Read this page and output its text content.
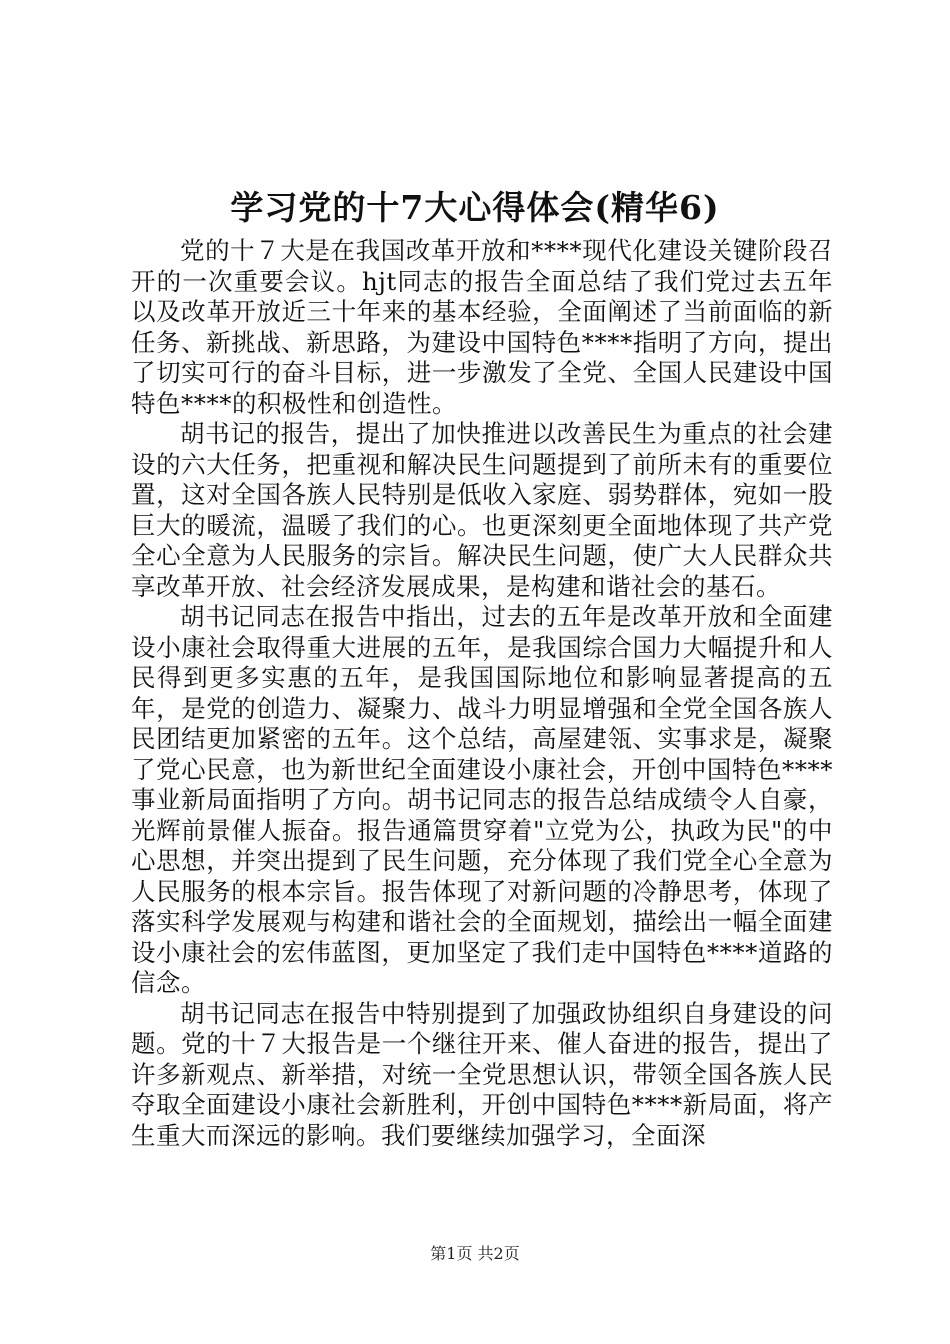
学习党的十7大心得体会(精华6)

党的十７大是在我国改革开放和****现代化建设关键阶段召开的一次重要会议。hjt同志的报告全面总结了我们党过去五年以及改革开放近三十年来的基本经验，全面阐述了当前面临的新任务、新挑战、新思路，为建设中国特色****指明了方向，提出了切实可行的奋斗目标，进一步激发了全党、全国人民建设中国特色****的积极性和创造性。

胡书记的报告，提出了加快推进以改善民生为重点的社会建设的六大任务，把重视和解决民生问题提到了前所未有的重要位置，这对全国各族人民特别是低收入家庭、弱势群体，宛如一股巨大的暖流，温暖了我们的心。也更深刻更全面地体现了共产党全心全意为人民服务的宗旨。解决民生问题，使广大人民群众共享改革开放、社会经济发展成果，是构建和谐社会的基石。

胡书记同志在报告中指出，过去的五年是改革开放和全面建设小康社会取得重大进展的五年，是我国综合国力大幅提升和人民得到更多实惠的五年，是我国国际地位和影响显著提高的五年，是党的创造力、凝聚力、战斗力明显增强和全党全国各族人民团结更加紧密的五年。这个总结，高屋建瓴、实事求是，凝聚了党心民意，也为新世纪全面建设小康社会，开创中国特色****事业新局面指明了方向。胡书记同志的报告总结成绩令人自豪，光辉前景催人振奋。报告通篇贯穿着"立党为公，执政为民"的中心思想，并突出提到了民生问题，充分体现了我们党全心全意为人民服务的根本宗旨。报告体现了对新问题的冷静思考，体现了落实科学发展观与构建和谐社会的全面规划，描绘出一幅全面建设小康社会的宏伟蓝图，更加坚定了我们走中国特色****道路的信念。

胡书记同志在报告中特别提到了加强政协组织自身建设的问题。党的十７大报告是一个继往开来、催人奋进的报告，提出了许多新观点、新举措，对统一全党思想认识，带领全国各族人民夺取全面建设小康社会新胜利，开创中国特色****新局面，将产生重大而深远的影响。我们要继续加强学习，全面深

第1页 共2页
